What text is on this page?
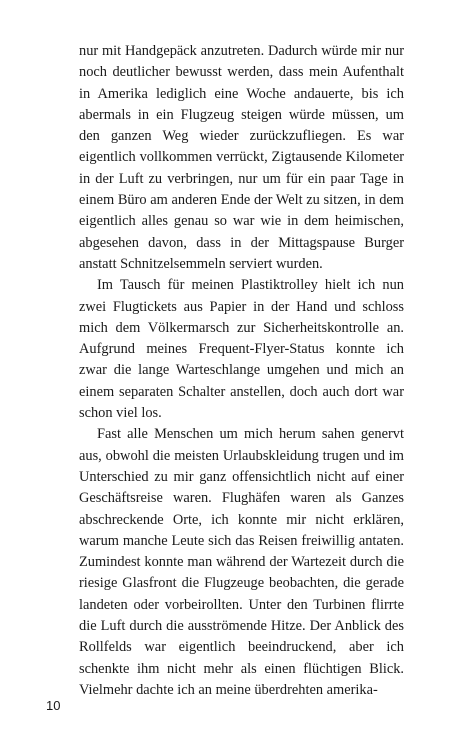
nur mit Handgepäck anzutreten. Dadurch würde mir nur noch deutlicher bewusst werden, dass mein Aufenthalt in Amerika lediglich eine Woche andauerte, bis ich abermals in ein Flugzeug steigen würde müssen, um den ganzen Weg wieder zurückzufliegen. Es war eigentlich vollkommen verrückt, Zigtausende Kilometer in der Luft zu verbringen, nur um für ein paar Tage in einem Büro am anderen Ende der Welt zu sitzen, in dem eigentlich alles genau so war wie in dem heimischen, abgesehen davon, dass in der Mittagspause Burger anstatt Schnitzelsemmeln serviert wurden.

Im Tausch für meinen Plastiktrolley hielt ich nun zwei Flugtickets aus Papier in der Hand und schloss mich dem Völkermarsch zur Sicherheitskontrolle an. Aufgrund meines Frequent-Flyer-Status konnte ich zwar die lange Warteschlange umgehen und mich an einem separaten Schalter anstellen, doch auch dort war schon viel los.

Fast alle Menschen um mich herum sahen genervt aus, obwohl die meisten Urlaubskleidung trugen und im Unterschied zu mir ganz offensichtlich nicht auf einer Geschäftsreise waren. Flughäfen waren als Ganzes abschreckende Orte, ich konnte mir nicht erklären, warum manche Leute sich das Reisen freiwillig antaten. Zumindest konnte man während der Wartezeit durch die riesige Glasfront die Flugzeuge beobachten, die gerade landeten oder vorbeirollten. Unter den Turbinen flirrte die Luft durch die ausströmende Hitze. Der Anblick des Rollfelds war eigentlich beeindruckend, aber ich schenkte ihm nicht mehr als einen flüchtigen Blick. Vielmehr dachte ich an meine überdrehten amerika-

10
